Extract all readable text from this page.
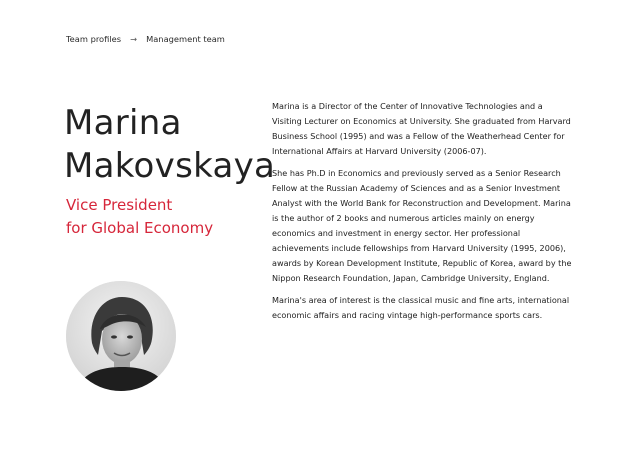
Team profiles → Management team
Marina
Makovskaya
Vice President
for Global Economy

Marina is a Director of the Center of Innovative Technologies and a Visiting Lecturer on Economics at University. She graduated from Harvard Business School (1995) and was a Fellow of the Weatherhead Center for International Affairs at Harvard University (2006-07).

She has Ph.D in Economics and previously served as a Senior Research Fellow at the Russian Academy of Sciences and as a Senior Investment Analyst with the World Bank for Reconstruction and Development. Marina is the author of 2 books and numerous articles mainly on energy economics and investment in energy sector. Her professional achievements include fellowships from Harvard University (1995, 2006), awards by Korean Development Institute, Republic of Korea, award by the Nippon Research Foundation, Japan, Cambridge University, England.

Marina's area of interest is the classical music and fine arts, international economic affairs and racing vintage high-performance sports cars.
